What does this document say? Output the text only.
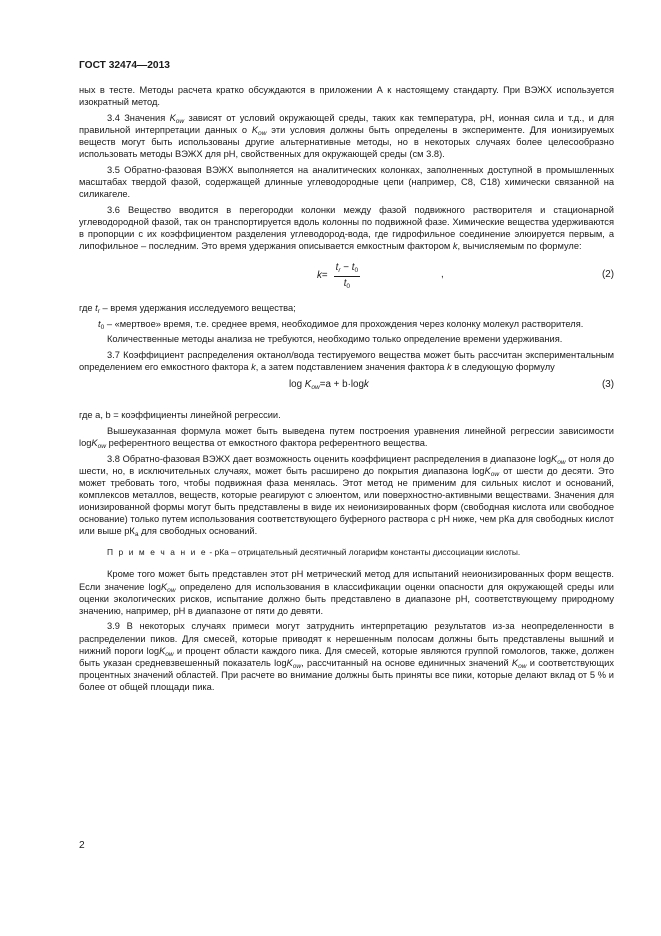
ГОСТ 32474—2013

ных в тесте. Методы расчета кратко обсуждаются в приложении А к настоящему стандарту. При ВЭЖХ используется изократный метод.

3.4 Значения $K_{ow}$ зависят от условий окружающей среды, таких как температура, рН, ионная сила и т.д., и для правильной интерпретации данных о $K_{ow}$ эти условия должны быть определены в эксперименте. Для ионизируемых веществ могут быть использованы другие альтернативные методы, но в некоторых случаях более целесообразно использовать методы ВЭЖХ для рН, свойственных для окружающей среды (см 3.8).

3.5 Обратно-фазовая ВЭЖХ выполняется на аналитических колонках, заполненных доступной в промышленных масштабах твердой фазой, содержащей длинные углеводородные цепи (например, С8, С18) химически связанной на силикагеле.

3.6 Вещество вводится в перегородки колонки между фазой подвижного растворителя и стационарной углеводородной фазой, так он транспортируется вдоль колонны по подвижной фазе. Химические вещества удерживаются в пропорции с их коэффициентом разделения углеводород-вода, где гидрофильное соединение элюируется первым, а липофильное – последним. Это время удержания описывается емкостным фактором k, вычисляемым по формуле:

$k = \frac{t_r - t_0}{t_0}$	,	(2)

где $t_r$ – время удержания исследуемого вещества;

$t_0$ – «мертвое» время, т.е. среднее время, необходимое для прохождения через колонку молекул растворителя.

Количественные методы анализа не требуются, необходимо только определение времени удерживания.

3.7 Коэффициент распределения октанол/вода тестируемого вещества может быть рассчитан экспериментальным определением его емкостного фактора k, а затем подставлением значения фактора k в следующую формулу

$\log K_{ow}=a + b\cdot\log k$	(3)

где a, b = коэффициенты линейной регрессии.

Вышеуказанная формула может быть выведена путем построения уравнения линейной регрессии зависимости logK$_{ow}$ референтного вещества от емкостного фактора референтного вещества.

3.8 Обратно-фазовая ВЭЖХ дает возможность оценить коэффициент распределения в диапазоне logK$_{ow}$ от ноля до шести, но, в исключительных случаях, может быть расширено до покрытия диапазона logK$_{ow}$ от шести до десяти. Это может требовать того, чтобы подвижная фаза менялась. Этот метод не применим для сильных кислот и оснований, комплексов металлов, веществ, которые реагируют с элюентом, или поверхностно-активными веществами. Значения для ионизированной формы могут быть представлены в виде их неионизированных форм (свободная кислота или свободное основание) только путем использования соответствующего буферного раствора с рН ниже, чем рКа для свободных кислот или выше $рК_a$ для свободных оснований.

П р и м е ч а н и е - рКа – отрицательный десятичный логарифм константы диссоциации кислоты.

Кроме того может быть представлен этот рН метрический метод для испытаний неионизированных форм веществ. Если значение logK$_{ow}$ определено для использования в классификации оценки опасности для окружающей среды или оценки экологических рисков, испытание должно быть представлено в диапазоне рН, соответствующему природному значению, например, рН в диапазоне от пяти до девяти.

3.9 В некоторых случаях примеси могут затруднить интерпретацию результатов из-за неопределенности в распределении пиков. Для смесей, которые приводят к нерешенным полосам должны быть представлены вышний и нижний пороги logK$_{ow}$ и процент области каждого пика. Для смесей, которые являются группой гомологов, также, должен быть указан средневзвешенный показатель logK$_{ow}$, рассчитанный на основе единичных значений $K_{ow}$ и соответствующих процентных значений областей. При расчете во внимание должны быть приняты все пики, которые делают вклад от 5 % и более от общей площади пика.

2
